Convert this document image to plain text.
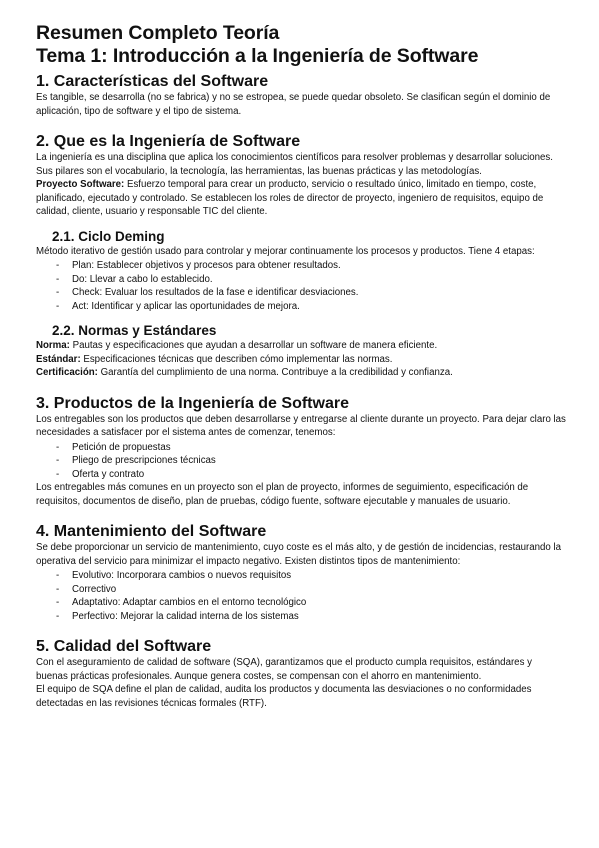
Resumen Completo Teoría
Tema 1: Introducción a la Ingeniería de Software
1. Características del Software

Es tangible, se desarrolla (no se fabrica) y no se estropea, se puede quedar obsoleto. Se clasifican según el dominio de aplicación, tipo de software y el tipo de sistema.

2. Que es la Ingeniería de Software

La ingeniería es una disciplina que aplica los conocimientos científicos para resolver problemas y desarrollar soluciones. Sus pilares son el vocabulario, la tecnología, las herramientas, las buenas prácticas y las metodologías.

Proyecto Software: Esfuerzo temporal para crear un producto, servicio o resultado único, limitado en tiempo, coste, planificado, ejecutado y controlado. Se establecen los roles de director de proyecto, ingeniero de requisitos, equipo de calidad, cliente, usuario y responsable TIC del cliente.

2.1. Ciclo Deming

Método iterativo de gestión usado para controlar y mejorar continuamente los procesos y productos. Tiene 4 etapas:

- Plan: Establecer objetivos y procesos para obtener resultados.
- Do: Llevar a cabo lo establecido.
- Check: Evaluar los resultados de la fase e identificar desviaciones.
- Act: Identificar y aplicar las oportunidades de mejora.
2.2. Normas y Estándares

Norma: Pautas y especificaciones que ayudan a desarrollar un software de manera eficiente.

Estándar: Especificaciones técnicas que describen cómo implementar las normas.

Certificación: Garantía del cumplimiento de una norma. Contribuye a la credibilidad y confianza.

3. Productos de la Ingeniería de Software

Los entregables son los productos que deben desarrollarse y entregarse al cliente durante un proyecto. Para dejar claro las necesidades a satisfacer por el sistema antes de comenzar, tenemos:

- Petición de propuestas
- Pliego de prescripciones técnicas
- Oferta y contrato

Los entregables más comunes en un proyecto son el plan de proyecto, informes de seguimiento, especificación de requisitos, documentos de diseño, plan de pruebas, código fuente, software ejecutable y manuales de usuario.

4. Mantenimiento del Software

Se debe proporcionar un servicio de mantenimiento, cuyo coste es el más alto, y de gestión de incidencias, restaurando la operativa del servicio para minimizar el impacto negativo. Existen distintos tipos de mantenimiento:

- Evolutivo: Incorporara cambios o nuevos requisitos
- Correctivo
- Adaptativo: Adaptar cambios en el entorno tecnológico
- Perfectivo: Mejorar la calidad interna de los sistemas
5. Calidad del Software

Con el aseguramiento de calidad de software (SQA), garantizamos que el producto cumpla requisitos, estándares y buenas prácticas profesionales. Aunque genera costes, se compensan con el ahorro en mantenimiento.

El equipo de SQA define el plan de calidad, audita los productos y documenta las desviaciones o no conformidades detectadas en las revisiones técnicas formales (RTF).
